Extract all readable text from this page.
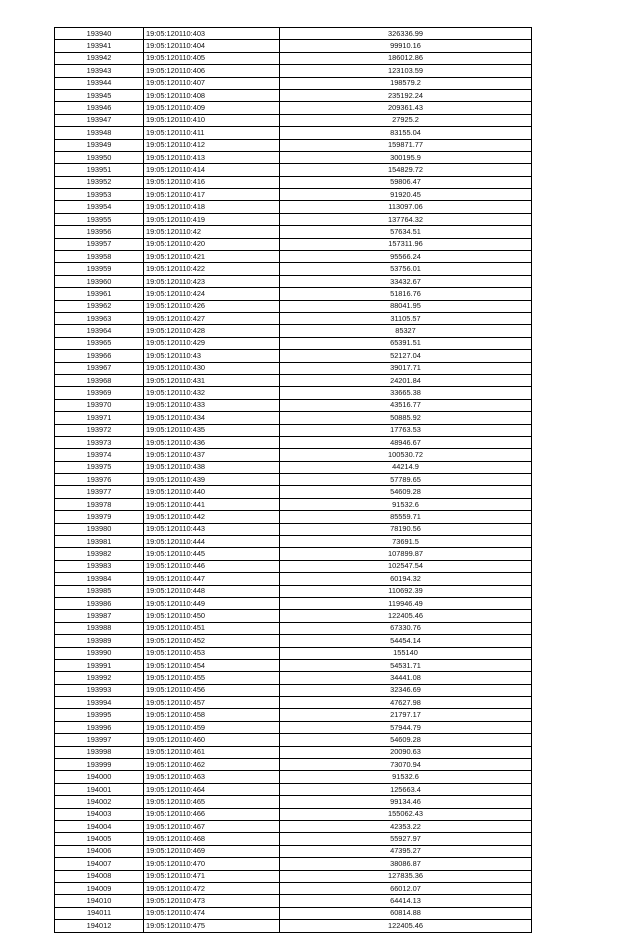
193940	19:05:120110:403	326336.99
193941	19:05:120110:404	99910.16
193942	19:05:120110:405	186012.86
193943	19:05:120110:406	123103.59
193944	19:05:120110:407	198579.2
193945	19:05:120110:408	235192.24
193946	19:05:120110:409	209361.43
193947	19:05:120110:410	27925.2
193948	19:05:120110:411	83155.04
193949	19:05:120110:412	159871.77
193950	19:05:120110:413	300195.9
193951	19:05:120110:414	154829.72
193952	19:05:120110:416	59806.47
193953	19:05:120110:417	91920.45
193954	19:05:120110:418	113097.06
193955	19:05:120110:419	137764.32
193956	19:05:120110:42	57634.51
193957	19:05:120110:420	157311.96
193958	19:05:120110:421	95566.24
193959	19:05:120110:422	53756.01
193960	19:05:120110:423	33432.67
193961	19:05:120110:424	51816.76
193962	19:05:120110:426	88041.95
193963	19:05:120110:427	31105.57
193964	19:05:120110:428	85327
193965	19:05:120110:429	65391.51
193966	19:05:120110:43	52127.04
193967	19:05:120110:430	39017.71
193968	19:05:120110:431	24201.84
193969	19:05:120110:432	33665.38
193970	19:05:120110:433	43516.77
193971	19:05:120110:434	50885.92
193972	19:05:120110:435	17763.53
193973	19:05:120110:436	48946.67
193974	19:05:120110:437	100530.72
193975	19:05:120110:438	44214.9
193976	19:05:120110:439	57789.65
193977	19:05:120110:440	54609.28
193978	19:05:120110:441	91532.6
193979	19:05:120110:442	85559.71
193980	19:05:120110:443	78190.56
193981	19:05:120110:444	73691.5
193982	19:05:120110:445	107899.87
193983	19:05:120110:446	102547.54
193984	19:05:120110:447	60194.32
193985	19:05:120110:448	110692.39
193986	19:05:120110:449	119946.49
193987	19:05:120110:450	122405.46
193988	19:05:120110:451	67330.76
193989	19:05:120110:452	54454.14
193990	19:05:120110:453	155140
193991	19:05:120110:454	54531.71
193992	19:05:120110:455	34441.08
193993	19:05:120110:456	32346.69
193994	19:05:120110:457	47627.98
193995	19:05:120110:458	21797.17
193996	19:05:120110:459	57944.79
193997	19:05:120110:460	54609.28
193998	19:05:120110:461	20090.63
193999	19:05:120110:462	73070.94
194000	19:05:120110:463	91532.6
194001	19:05:120110:464	125663.4
194002	19:05:120110:465	99134.46
194003	19:05:120110:466	155062.43
194004	19:05:120110:467	42353.22
194005	19:05:120110:468	55927.97
194006	19:05:120110:469	47395.27
194007	19:05:120110:470	38086.87
194008	19:05:120110:471	127835.36
194009	19:05:120110:472	66012.07
194010	19:05:120110:473	64414.13
194011	19:05:120110:474	60814.88
194012	19:05:120110:475	122405.46
